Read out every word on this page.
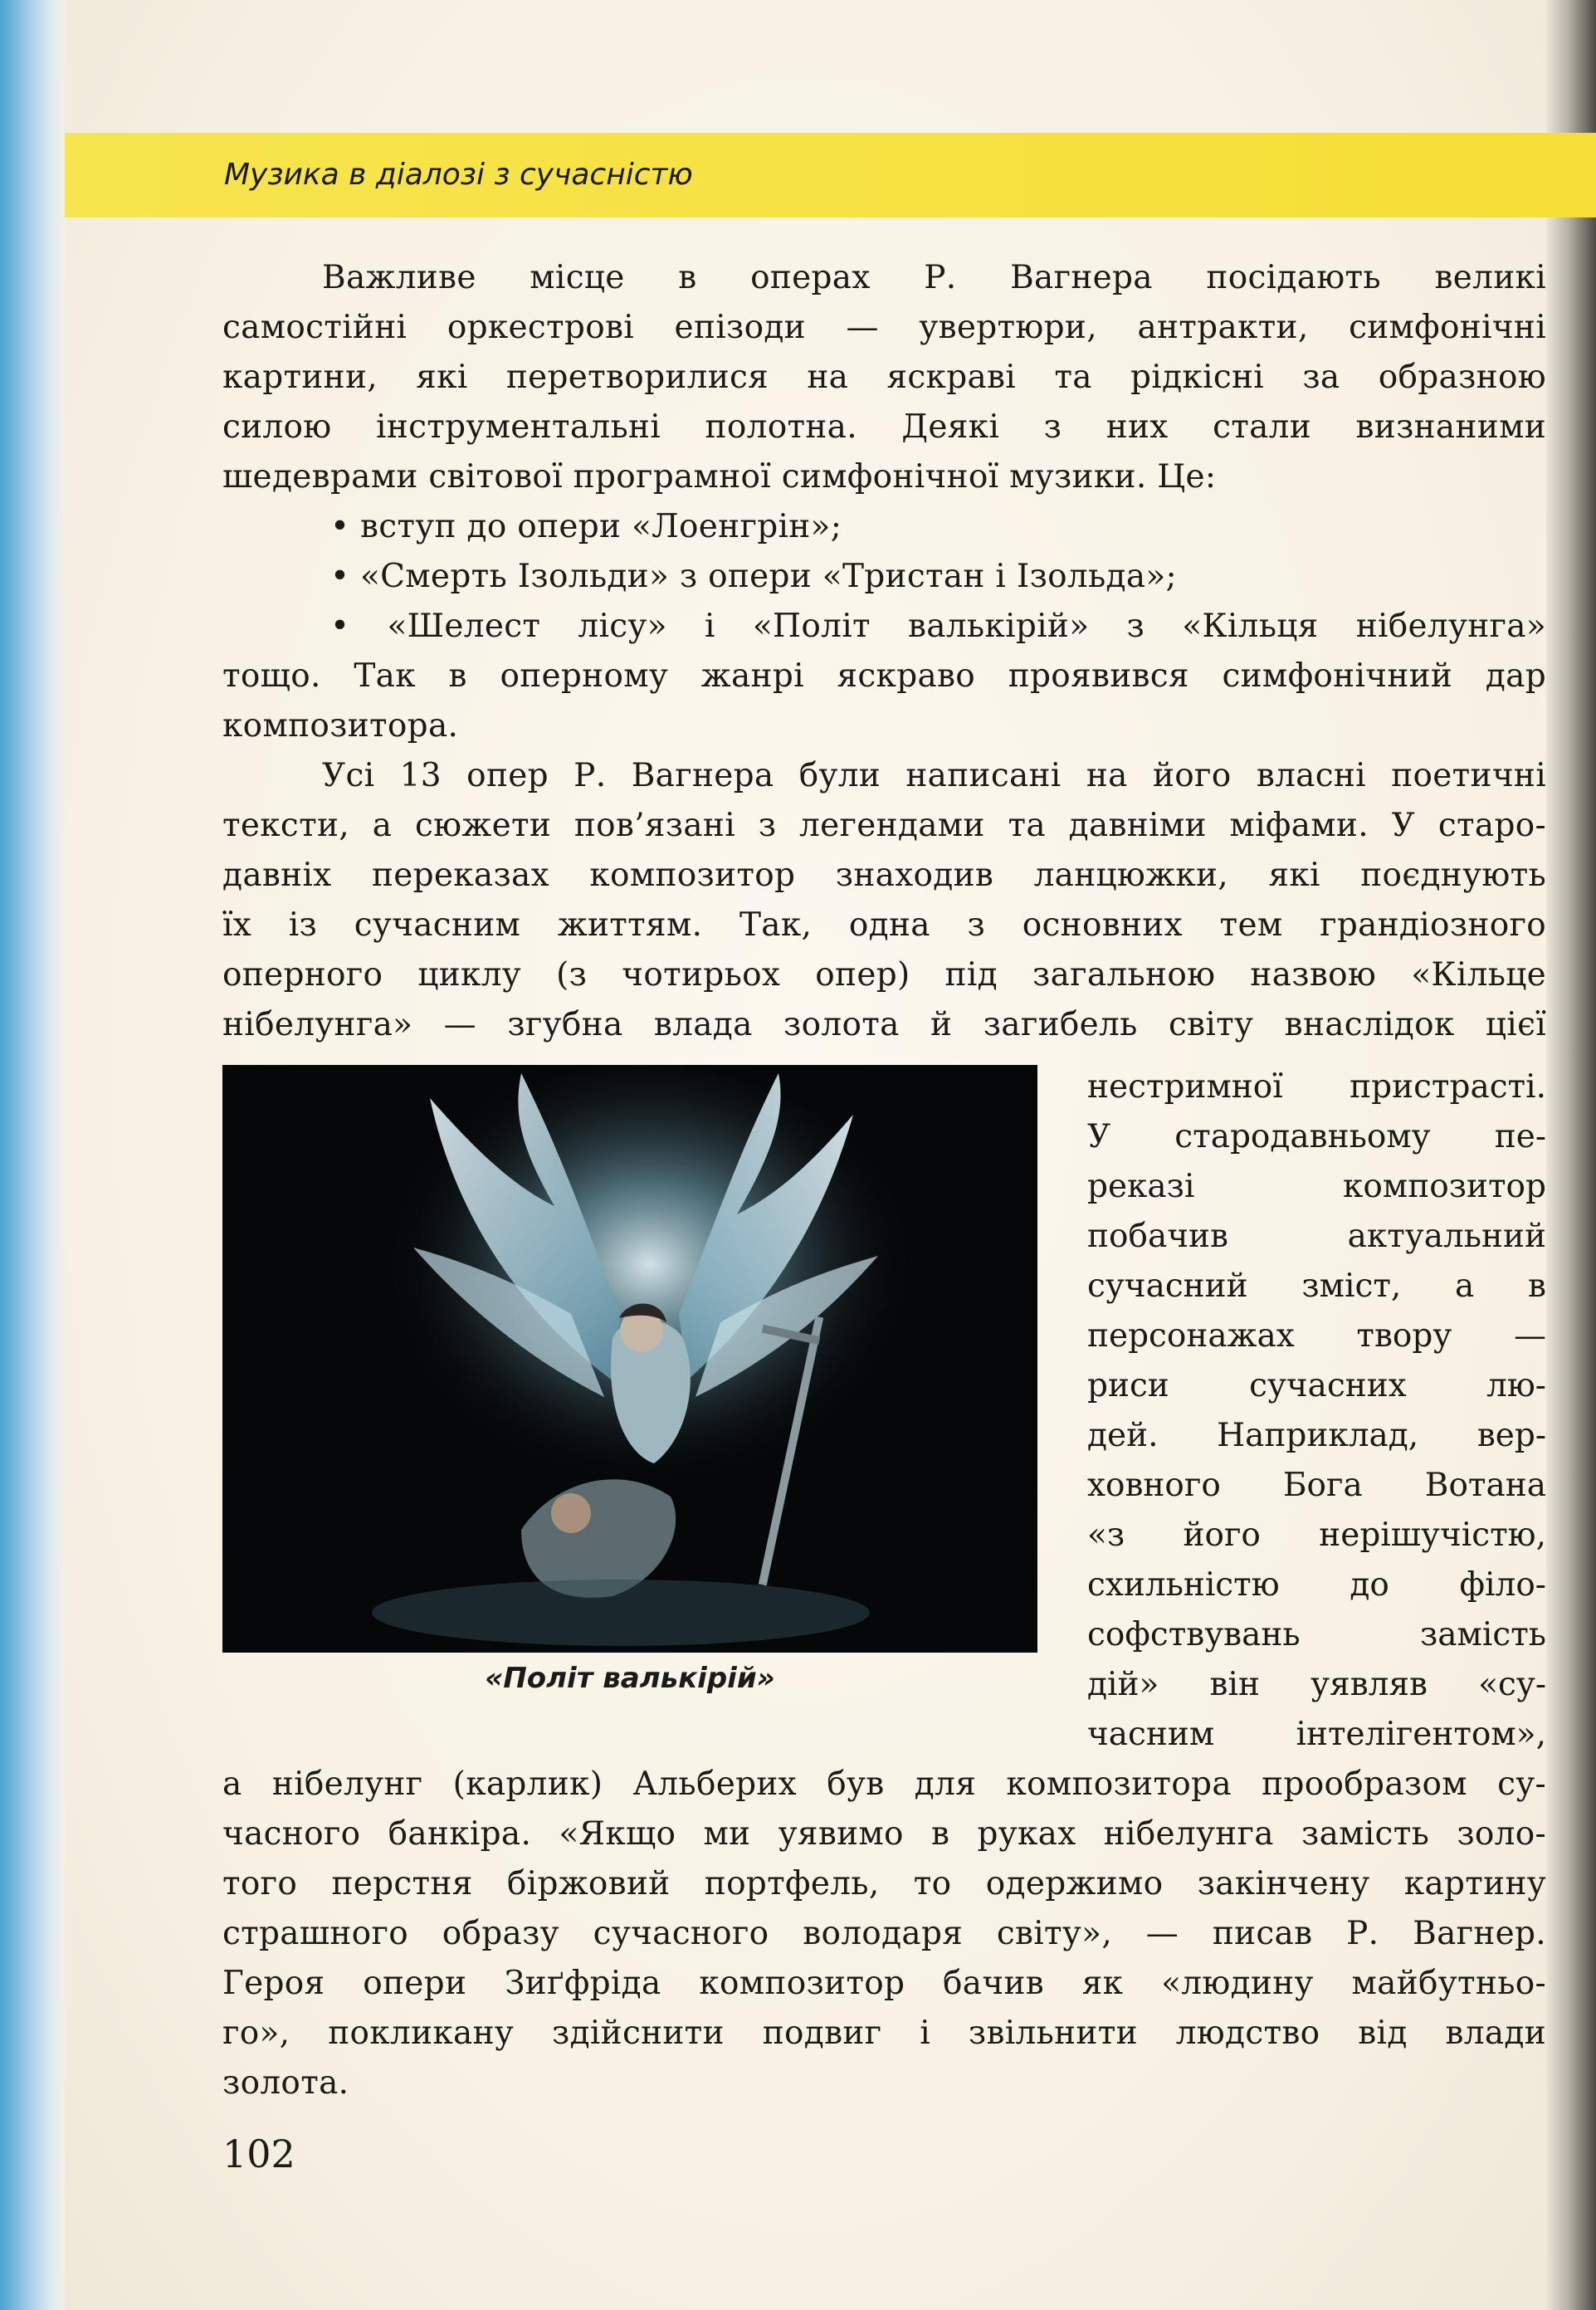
Музика в діалозі з сучасністю
Важливе місце в операх Р. Вагнера посідають великі
самостійні оркестрові епізоди — увертюри, антракти, симфонічні
картини, які перетворилися на яскраві та рідкісні за образною
силою інструментальні полотна. Деякі з них стали визнаними
шедеврами світової програмної симфонічної музики. Це:
• вступ до опери «Лоенгрін»;
• «Смерть Ізольди» з опери «Тристан і Ізольда»;
• «Шелест лісу» і «Політ валькірій» з «Кільця нібелунга»
тощо. Так в оперному жанрі яскраво проявився симфонічний дар
композитора.
Усі 13 опер Р. Вагнера були написані на його власні поетичні
тексти, а сюжети пов’язані з легендами та давніми міфами. У старо-
давніх переказах композитор знаходив ланцюжки, які поєднують
їх із сучасним життям. Так, одна з основних тем грандіозного
оперного циклу (з чотирьох опер) під загальною назвою «Кільце
нібелунга» — згубна влада золота й загибель світу внаслідок цієї
«Політ валькірій»
нестримної пристрасті.
У стародавньому пе-
реказі композитор
побачив актуальний
сучасний зміст, а в
персонажах твору —
риси сучасних лю-
дей. Наприклад, вер-
ховного Бога Вотана
«з його нерішучістю,
схильністю до філо-
софствувань замість
дій» він уявляв «су-
часним інтелігентом»,
а нібелунг (карлик) Альберих був для композитора прообразом су-
часного банкіра. «Якщо ми уявимо в руках нібелунга замість золо-
того перстня біржовий портфель, то одержимо закінчену картину
страшного образу сучасного володаря світу», — писав Р. Вагнер.
Героя опери Зиґфріда композитор бачив як «людину майбутньо-
го», покликану здійснити подвиг і звільнити людство від влади
золота.
102
